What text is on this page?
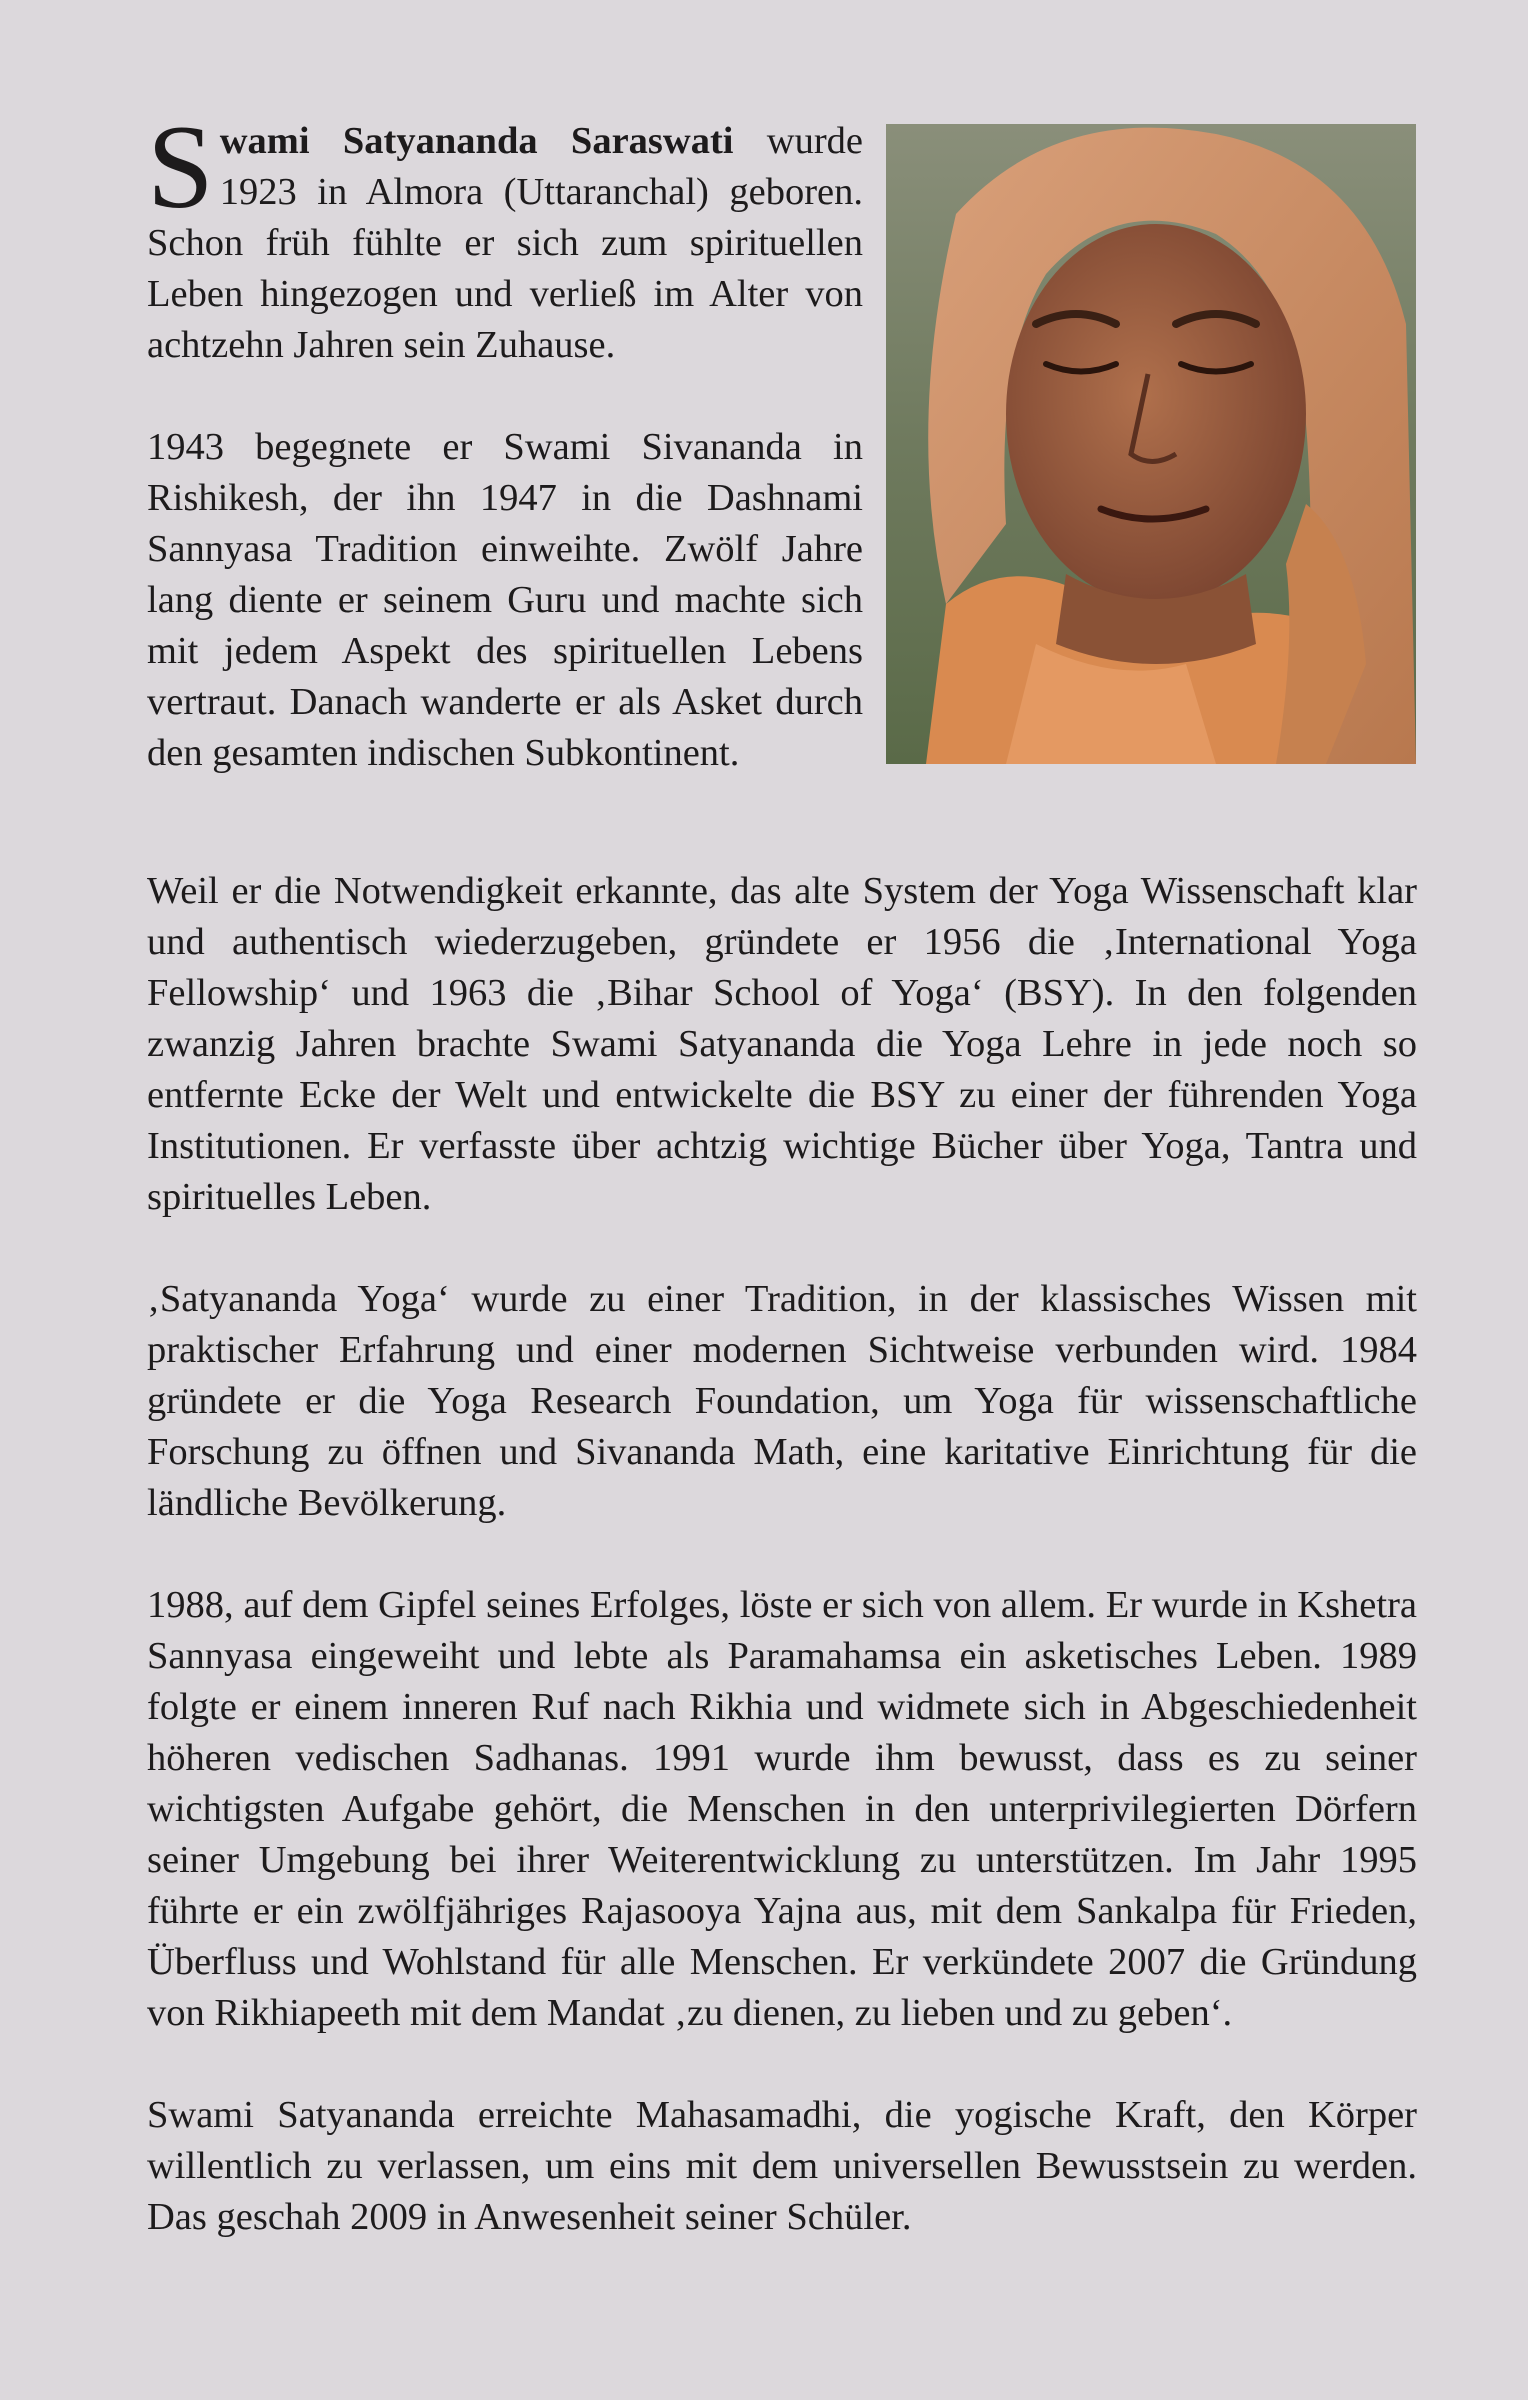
Swami Satyananda Saraswati wurde 1923 in Almora (Uttaranchal) geboren. Schon früh fühlte er sich zum spirituellen Leben hingezogen und verließ im Alter von achtzehn Jahren sein Zuhause.

1943 begegnete er Swami Sivananda in Rishikesh, der ihn 1947 in die Dashnami Sannyasa Tradition einweihte. Zwölf Jahre lang diente er seinem Guru und machte sich mit jedem Aspekt des spirituellen Lebens vertraut. Danach wanderte er als Asket durch den gesamten indischen Subkontinent.

Weil er die Notwendigkeit erkannte, das alte System der Yoga Wissenschaft klar und authentisch wiederzugeben, gründete er 1956 die ‚International Yoga Fellowship‘ und 1963 die ‚Bihar School of Yoga‘ (BSY). In den folgenden zwanzig Jahren brachte Swami Satyananda die Yoga Lehre in jede noch so entfernte Ecke der Welt und entwickelte die BSY zu einer der führenden Yoga Institutionen. Er verfasste über achtzig wichtige Bücher über Yoga, Tantra und spirituelles Leben.

‚Satyananda Yoga‘ wurde zu einer Tradition, in der klassisches Wissen mit praktischer Erfahrung und einer modernen Sichtweise verbunden wird. 1984 gründete er die Yoga Research Foundation, um Yoga für wissenschaftliche Forschung zu öffnen und Sivananda Math, eine karitative Einrichtung für die ländliche Bevölkerung.

1988, auf dem Gipfel seines Erfolges, löste er sich von allem. Er wurde in Kshetra Sannyasa eingeweiht und lebte als Paramahamsa ein asketisches Leben. 1989 folgte er einem inneren Ruf nach Rikhia und widmete sich in Abgeschiedenheit höheren vedischen Sadhanas. 1991 wurde ihm bewusst, dass es zu seiner wichtigsten Aufgabe gehört, die Menschen in den unterprivilegierten Dörfern seiner Umgebung bei ihrer Weiterentwicklung zu unterstützen. Im Jahr 1995 führte er ein zwölfjähriges Rajasooya Yajna aus, mit dem Sankalpa für Frieden, Überfluss und Wohlstand für alle Menschen. Er verkündete 2007 die Gründung von Rikhiapeeth mit dem Mandat ‚zu dienen, zu lieben und zu geben‘.

Swami Satyananda erreichte Mahasamadhi, die yogische Kraft, den Körper willentlich zu verlassen, um eins mit dem universellen Bewusstsein zu werden. Das geschah 2009 in Anwesenheit seiner Schüler.
